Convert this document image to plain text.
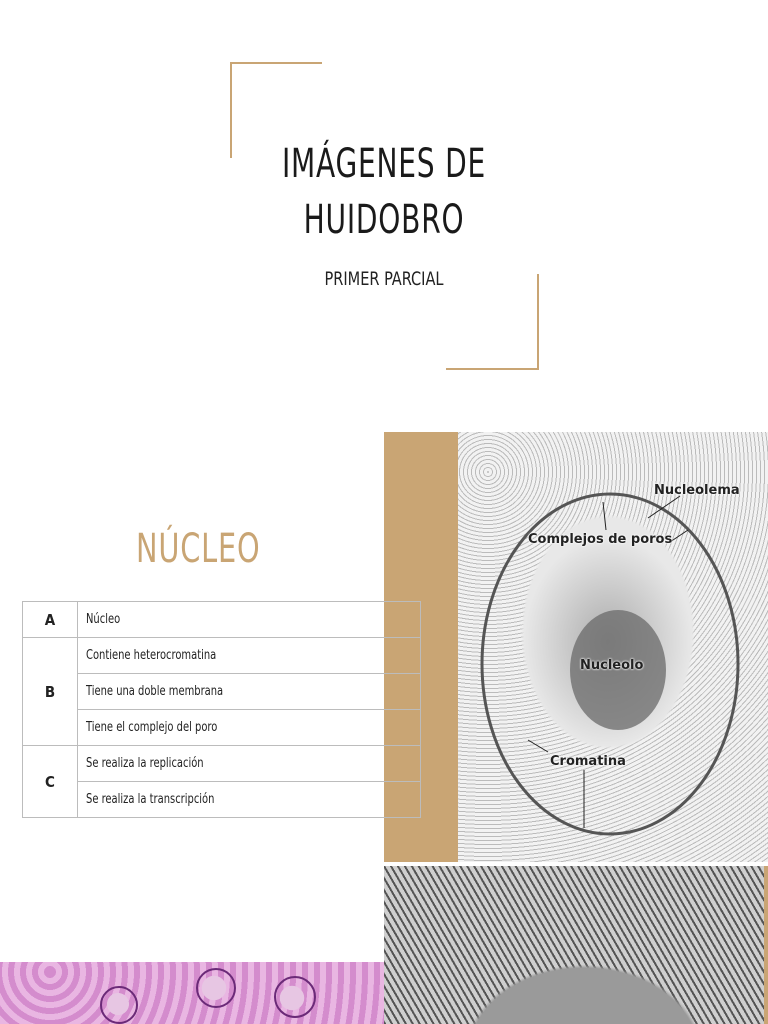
IMÁGENES DE
HUIDOBRO
PRIMER PARCIAL
Nucleolema
Complejos de poros
Nucleolo
Cromatina
NÚCLEO
A	Núcleo
B	Contiene heterocromatina
	Tiene una doble membrana
	Tiene el complejo del poro
C	Se realiza la replicación
	Se realiza la transcripción
